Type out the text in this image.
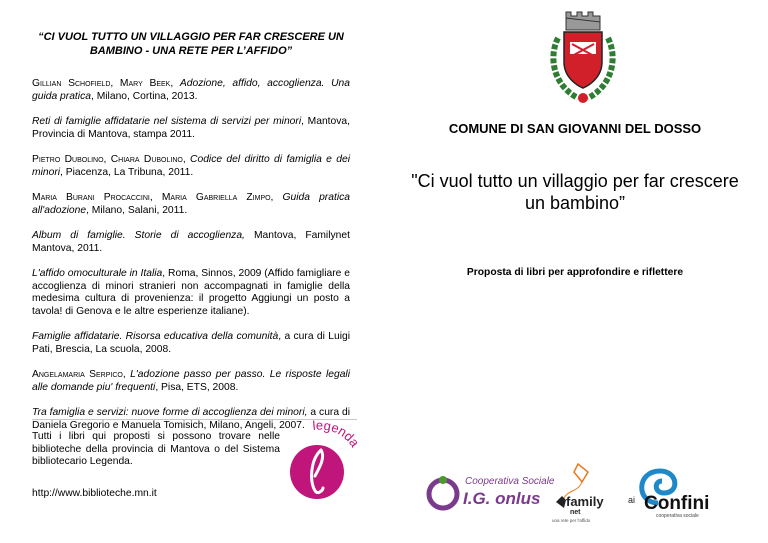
“CI VUOL TUTTO UN VILLAGGIO PER FAR CRESCERE UN BAMBINO - UNA RETE PER L’AFFIDO”

Gillian Schofield, Mary Beek, Adozione, affido, accoglienza. Una guida pratica, Milano, Cortina, 2013.

Reti di famiglie affidatarie nel sistema di servizi per minori, Mantova, Provincia di Mantova, stampa 2011.

Pietro Dubolino, Chiara Dubolino, Codice del diritto di famiglia e dei minori, Piacenza, La Tribuna, 2011.

Maria Burani Procaccini, Maria Gabriella Zimpo, Guida pratica all'adozione, Milano, Salani, 2011.

Album di famiglie. Storie di accoglienza, Mantova, Familynet Mantova, 2011.

L'affido omoculturale in Italia, Roma, Sinnos, 2009 (Affido famigliare e accoglienza di minori stranieri non accompagnati in famiglie della medesima cultura di provenienza: il progetto Aggiungi un posto a tavola! di Genova e le altre esperienze italiane).

Famiglie affidatarie. Risorsa educativa della comunità, a cura di Luigi Pati, Brescia, La scuola, 2008.

Angelamaria Serpico, L'adozione passo per passo. Le risposte legali alle domande piu' frequenti, Pisa, ETS, 2008.

Tra famiglia e servizi: nuove forme di accoglienza dei minori, a cura di Daniela Gregorio e Manuela Tomisich, Milano, Angeli, 2007.

Tutti i libri qui proposti si possono trovare nelle biblioteche della provincia di Mantova o del Sistema bibliotecario Legenda.
http://www.biblioteche.mn.it
legenda
COMUNE DI SAN GIOVANNI DEL DOSSO
"Ci vuol tutto un villaggio per far crescere un bambino”
Proposta di libri per approfondire e riflettere
Cooperativa Sociale
I.G. onlus family
net
una rete per l'affido
ai Confini
cooperativa sociale
